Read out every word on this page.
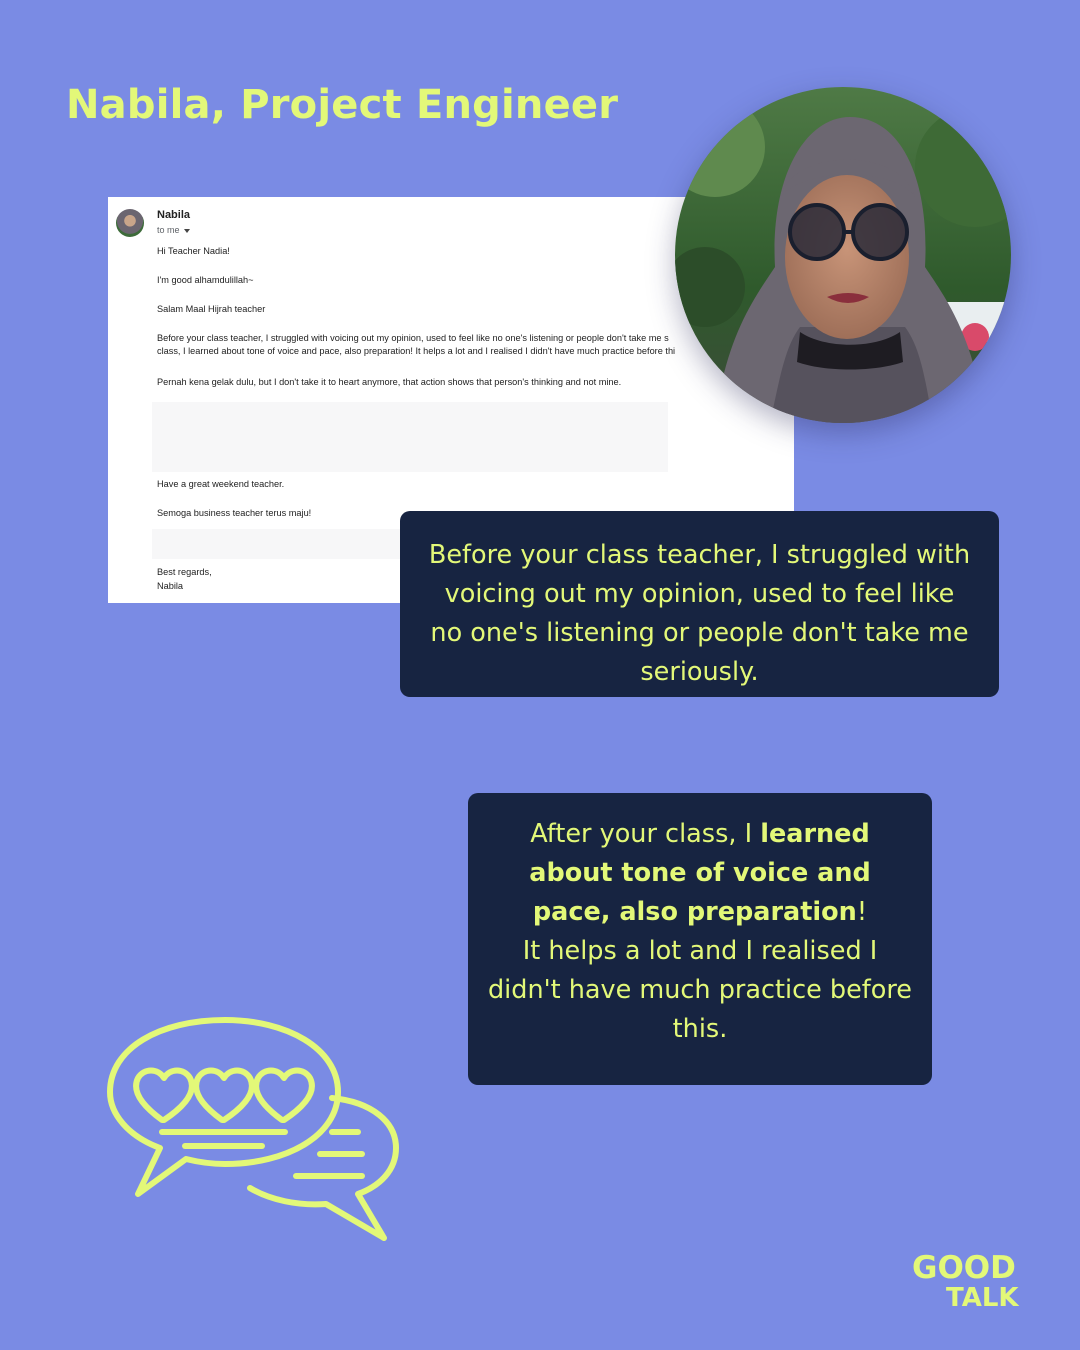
Nabila, Project Engineer
Nabila
to me
Hi Teacher Nadia!
I'm good alhamdulillah~
Salam Maal Hijrah teacher
Before your class teacher, I struggled with voicing out my opinion, used to feel like no one's listening or people don't take me s
class, I learned about tone of voice and pace, also preparation! It helps a lot and I realised I didn't have much practice before thi
Pernah kena gelak dulu, but I don't take it to heart anymore, that action shows that person's thinking and not mine.
Have a great weekend teacher.
Semoga business teacher terus maju!
Best regards,
Nabila
Before your class teacher, I struggled with voicing out my opinion, used to feel like no one's listening or people don't take me seriously.
After your class, I learned about tone of voice and pace, also preparation!
It helps a lot and I realised I didn't have much practice before this.
GOOD
TALK
